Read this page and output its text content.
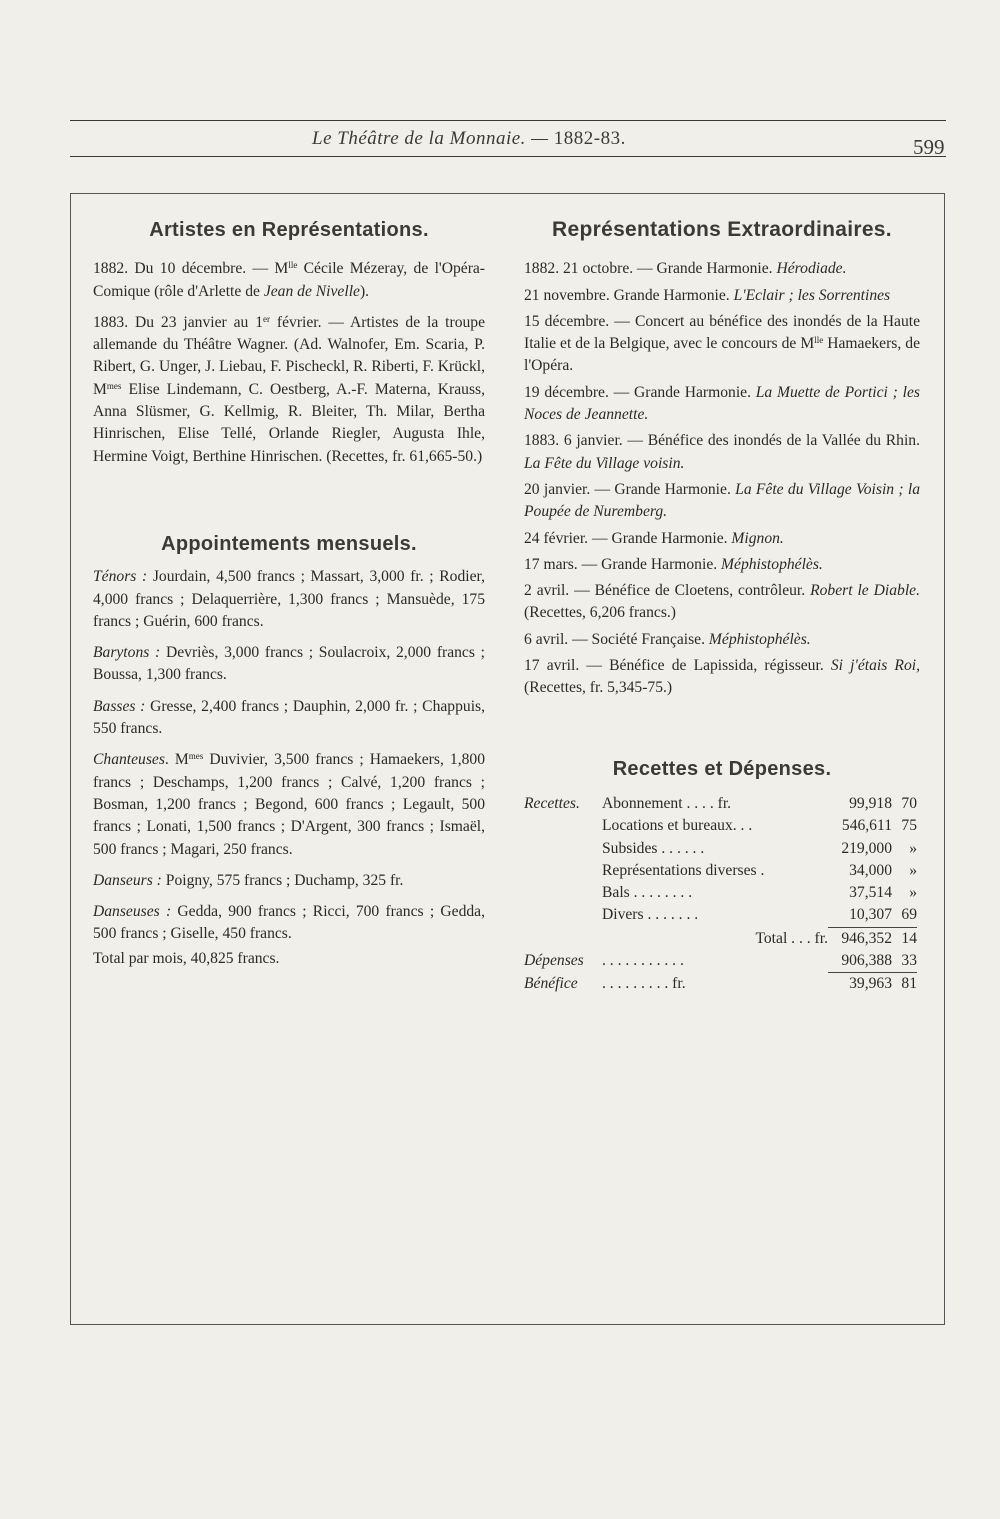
Le Théâtre de la Monnaie. — 1882-83.	599
Artistes en Représentations.

1882. Du 10 décembre. — $M^{lle}$ Cécile Mézeray, de l'Opéra-Comique (rôle d'Arlette de Jean de Nivelle).

1883. Du 23 janvier au 1er février. — Artistes de la troupe allemande du Théâtre Wagner. (Ad. Walnofer, Em. Scaria, P. Ribert, G. Unger, J. Liebau, F. Pischeckl, R. Riberti, F. Krückl, $M^{mes}$ Elise Lindemann, C. Oestberg, A.-F. Materna, Krauss, Anna Slüsmer, G. Kellmig, R. Bleiter, Th. Milar, Bertha Hinrischen, Elise Tellé, Orlande Riegler, Augusta Ihle, Hermine Voigt, Berthine Hinrischen. (Recettes, fr. 61,665-50.)

Appointements mensuels.

Ténors : Jourdain, 4,500 francs ; Massart, 3,000 fr. ; Rodier, 4,000 francs ; Delaquerrière, 1,300 francs ; Mansuède, 175 francs ; Guérin, 600 francs.

Barytons : Devriès, 3,000 francs ; Soulacroix, 2,000 francs ; Boussa, 1,300 francs.

Basses : Gresse, 2,400 francs ; Dauphin, 2,000 fr. ; Chappuis, 550 francs.

Chanteuses. $M^{mes}$ Duvivier, 3,500 francs ; Hamaekers, 1,800 francs ; Deschamps, 1,200 francs ; Calvé, 1,200 francs ; Bosman, 1,200 francs ; Begond, 600 francs ; Legault, 500 francs ; Lonati, 1,500 francs ; D'Argent, 300 francs ; Ismaël, 500 francs ; Magari, 250 francs.

Danseurs : Poigny, 575 francs ; Duchamp, 325 fr.

Danseuses : Gedda, 900 francs ; Ricci, 700 francs ; Gedda, 500 francs ; Giselle, 450 francs.

Total par mois, 40,825 francs.

Représentations Extraordinaires.

1882. 21 octobre. — Grande Harmonie. Hérodiade.

21 novembre. Grande Harmonie. L'Eclair ; les Sorrentines

15 décembre. — Concert au bénéfice des inondés de la Haute Italie et de la Belgique, avec le concours de $M^{lle}$ Hamaekers, de l'Opéra.

19 décembre. — Grande Harmonie. La Muette de Portici ; les Noces de Jeannette.

1883. 6 janvier. — Bénéfice des inondés de la Vallée du Rhin. La Fête du Village voisin.

20 janvier. — Grande Harmonie. La Fête du Village Voisin ; la Poupée de Nuremberg.

24 février. — Grande Harmonie. Mignon.

17 mars. — Grande Harmonie. Méphistophélès.

2 avril. — Bénéfice de Cloetens, contrôleur. Robert le Diable. (Recettes, 6,206 francs.)

6 avril. — Société Française. Méphistophélès.

17 avril. — Bénéfice de Lapissida, régisseur. Si j'étais Roi, (Recettes, fr. 5,345-75.)

Recettes et Dépenses.
Recettes.	Abonnement . . . . fr.	99,918	70
	Locations et bureaux. . .	546,611	75
	Subsides . . . . . .	219,000	»
	Représentations diverses .	34,000	»
	Bals . . . . . . . .	37,514	»
	Divers . . . . . . .	10,307	69
	Total . . . fr.	946,352	14
Dépenses	. . . . . . . . . . .	906,388	33
Bénéfice	. . . . . . . . . fr.	39,963	81
